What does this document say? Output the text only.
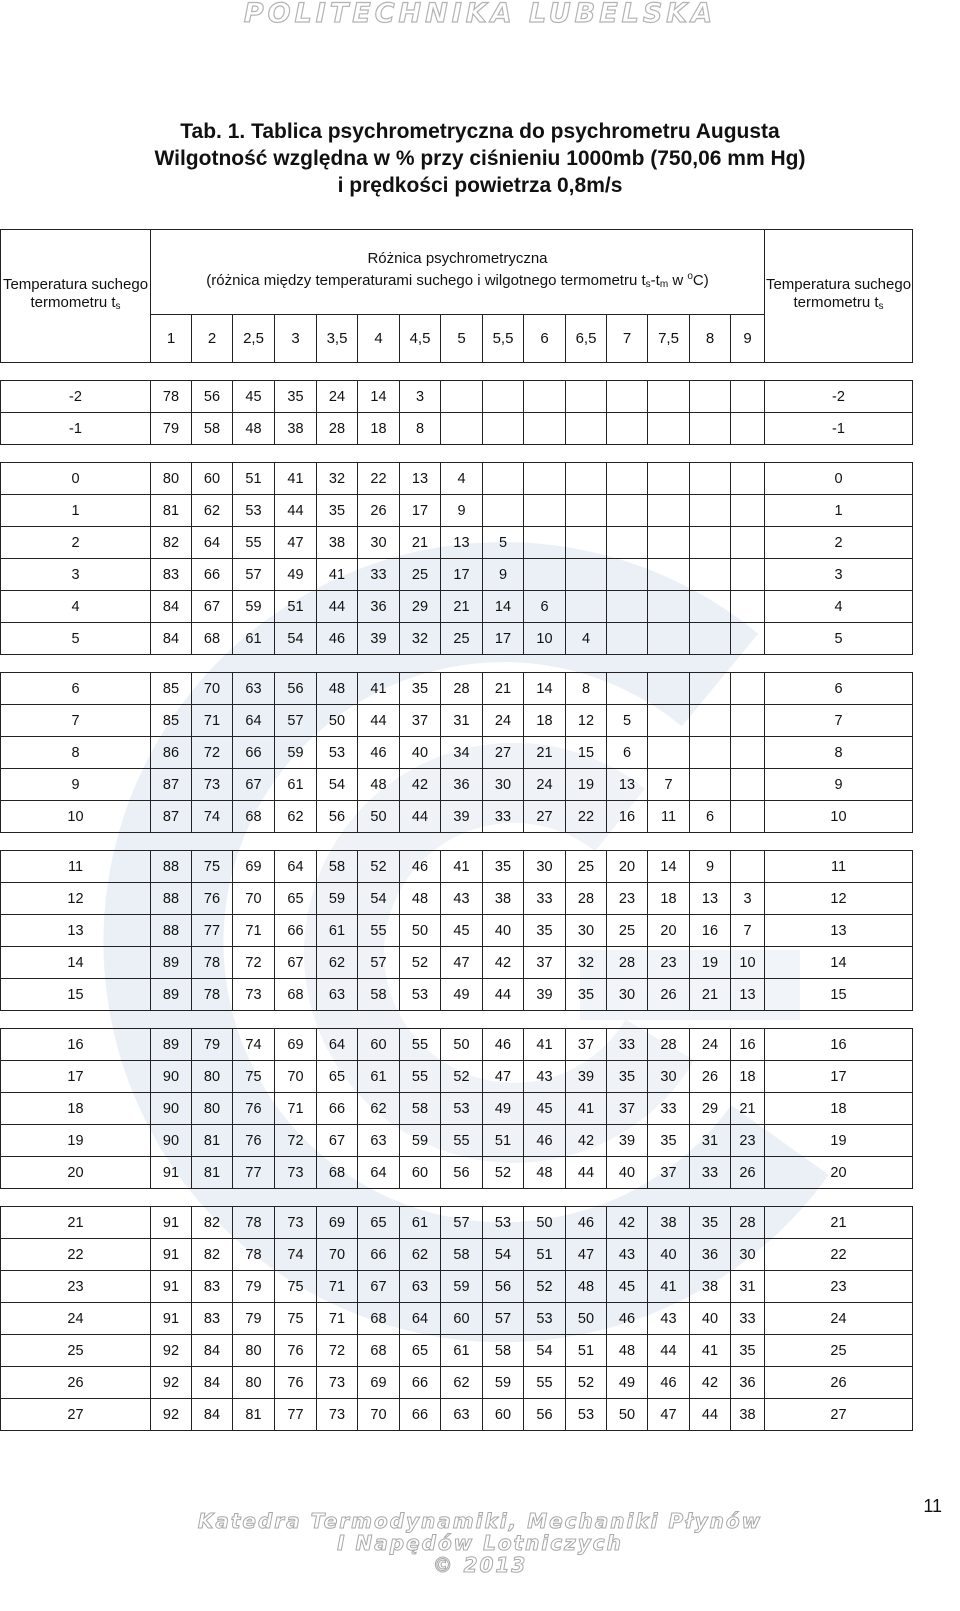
POLITECHNIKA LUBELSKA
Tab. 1. Tablica psychrometryczna do psychrometru Augusta
Wilgotność względna w % przy ciśnieniu 1000mb (750,06 mm Hg)
i prędkości powietrza 0,8m/s
Temperatura suchego termometru $t_s$	Różnica psychrometryczna
(różnica między temperaturami suchego i wilgotnego termometru $t_s-t_m$ w $^o$C)															Temperatura suchego termometru $t_s$
	1	2	2,5	3	3,5	4	4,5	5	5,5	6	6,5	7	7,5	8	9	

-2	78	56	45	35	24	14	3									-2
-1	79	58	48	38	28	18	8									-1

0	80	60	51	41	32	22	13	4								0
1	81	62	53	44	35	26	17	9								1
2	82	64	55	47	38	30	21	13	5							2
3	83	66	57	49	41	33	25	17	9							3
4	84	67	59	51	44	36	29	21	14	6						4
5	84	68	61	54	46	39	32	25	17	10	4					5

6	85	70	63	56	48	41	35	28	21	14	8					6
7	85	71	64	57	50	44	37	31	24	18	12	5				7
8	86	72	66	59	53	46	40	34	27	21	15	6				8
9	87	73	67	61	54	48	42	36	30	24	19	13	7			9
10	87	74	68	62	56	50	44	39	33	27	22	16	11	6		10

11	88	75	69	64	58	52	46	41	35	30	25	20	14	9		11
12	88	76	70	65	59	54	48	43	38	33	28	23	18	13	3	12
13	88	77	71	66	61	55	50	45	40	35	30	25	20	16	7	13
14	89	78	72	67	62	57	52	47	42	37	32	28	23	19	10	14
15	89	78	73	68	63	58	53	49	44	39	35	30	26	21	13	15

16	89	79	74	69	64	60	55	50	46	41	37	33	28	24	16	16
17	90	80	75	70	65	61	55	52	47	43	39	35	30	26	18	17
18	90	80	76	71	66	62	58	53	49	45	41	37	33	29	21	18
19	90	81	76	72	67	63	59	55	51	46	42	39	35	31	23	19
20	91	81	77	73	68	64	60	56	52	48	44	40	37	33	26	20

21	91	82	78	73	69	65	61	57	53	50	46	42	38	35	28	21
22	91	82	78	74	70	66	62	58	54	51	47	43	40	36	30	22
23	91	83	79	75	71	67	63	59	56	52	48	45	41	38	31	23
24	91	83	79	75	71	68	64	60	57	53	50	46	43	40	33	24
25	92	84	80	76	72	68	65	61	58	54	51	48	44	41	35	25
26	92	84	80	76	73	69	66	62	59	55	52	49	46	42	36	26
27	92	84	81	77	73	70	66	63	60	56	53	50	47	44	38	27
11
Katedra Termodynamiki, Mechaniki Płynów
I Napędów Lotniczych
© 2013
